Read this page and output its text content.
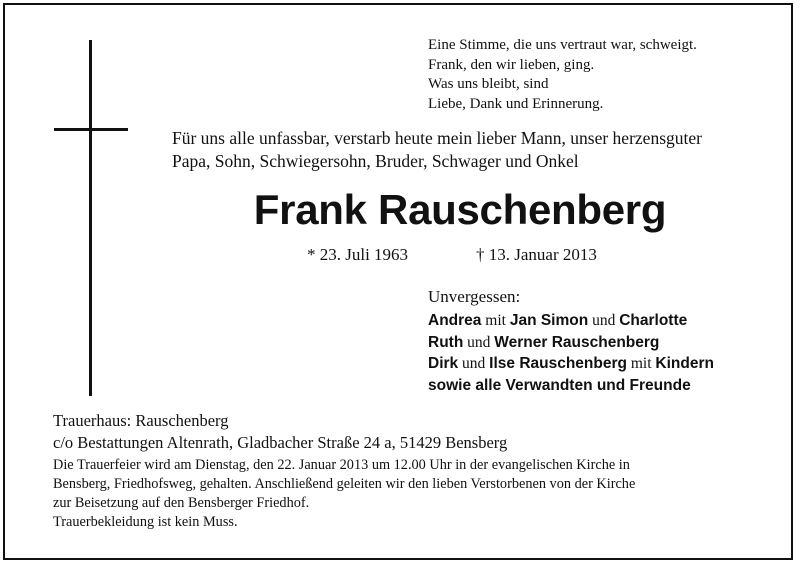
Eine Stimme, die uns vertraut war, schweigt.
Frank, den wir lieben, ging.
Was uns bleibt, sind
Liebe, Dank und Erinnerung.
Für uns alle unfassbar, verstarb heute mein lieber Mann, unser herzensguter
Papa, Sohn, Schwiegersohn, Bruder, Schwager und Onkel
Frank Rauschenberg
* 23. Juli 1963	† 13. Januar 2013
Unvergessen:
Andrea mit Jan Simon und Charlotte
Ruth und Werner Rauschenberg
Dirk und Ilse Rauschenberg mit Kindern
sowie alle Verwandten und Freunde
Trauerhaus: Rauschenberg
c/o Bestattungen Altenrath, Gladbacher Straße 24 a, 51429 Bensberg
Die Trauerfeier wird am Dienstag, den 22. Januar 2013 um 12.00 Uhr in der evangelischen Kirche in
Bensberg, Friedhofsweg, gehalten. Anschließend geleiten wir den lieben Verstorbenen von der Kirche
zur Beisetzung auf den Bensberger Friedhof.
Trauerbekleidung ist kein Muss.
